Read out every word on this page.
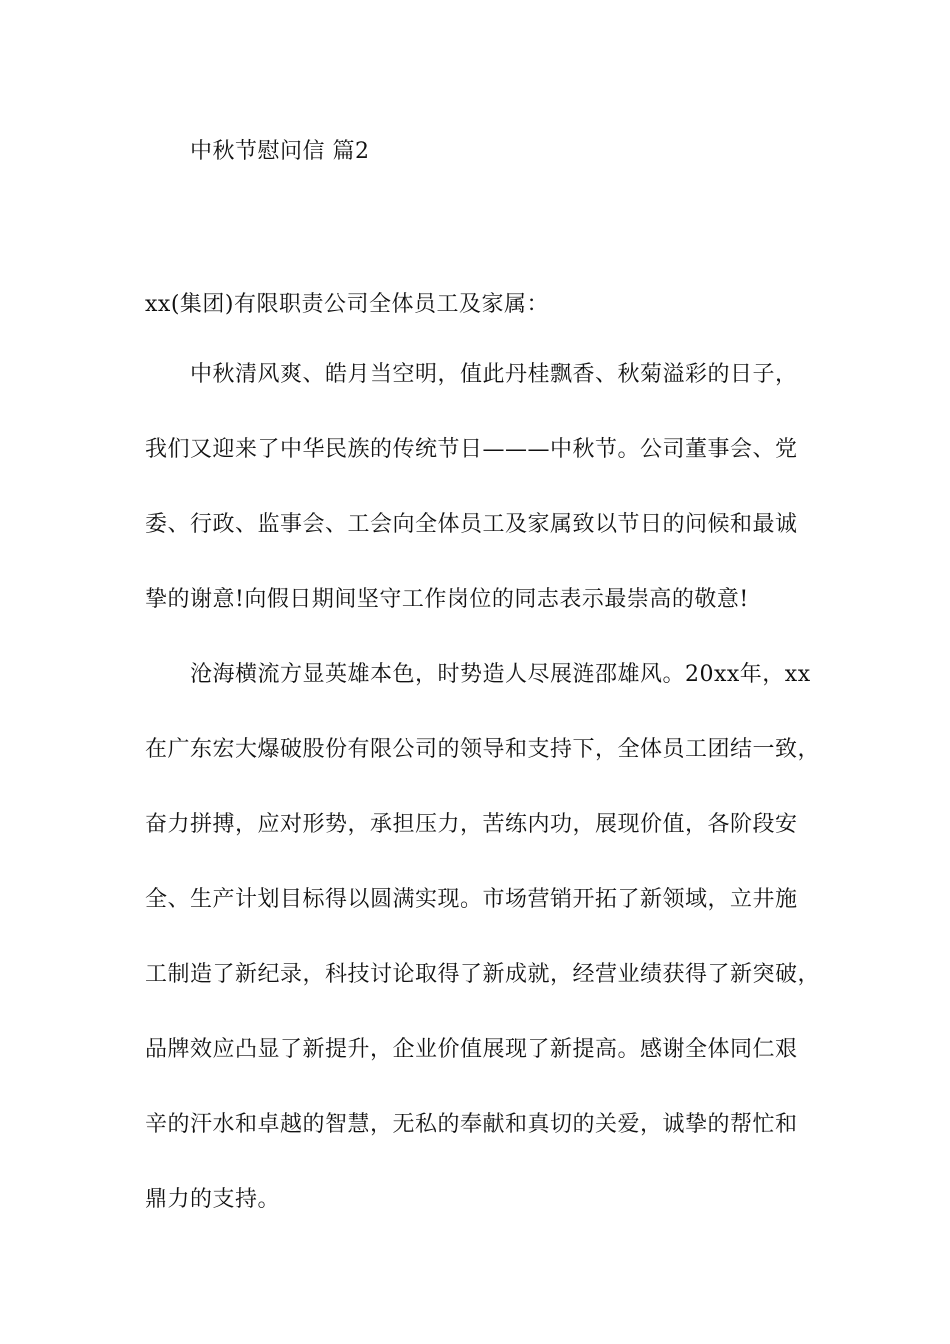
中秋节慰问信 篇2
xx(集团)有限职责公司全体员工及家属：
中秋清风爽、皓月当空明，值此丹桂飘香、秋菊溢彩的日子，
我们又迎来了中华民族的传统节日———中秋节。公司董事会、党
委、行政、监事会、工会向全体员工及家属致以节日的问候和最诚
挚的谢意!向假日期间坚守工作岗位的同志表示最崇高的敬意!
沧海横流方显英雄本色，时势造人尽展涟邵雄风。20xx年，xx
在广东宏大爆破股份有限公司的领导和支持下，全体员工团结一致，
奋力拼搏，应对形势，承担压力，苦练内功，展现价值，各阶段安
全、生产计划目标得以圆满实现。市场营销开拓了新领域，立井施
工制造了新纪录，科技讨论取得了新成就，经营业绩获得了新突破，
品牌效应凸显了新提升，企业价值展现了新提高。感谢全体同仁艰
辛的汗水和卓越的智慧，无私的奉献和真切的关爱，诚挚的帮忙和
鼎力的支持。
